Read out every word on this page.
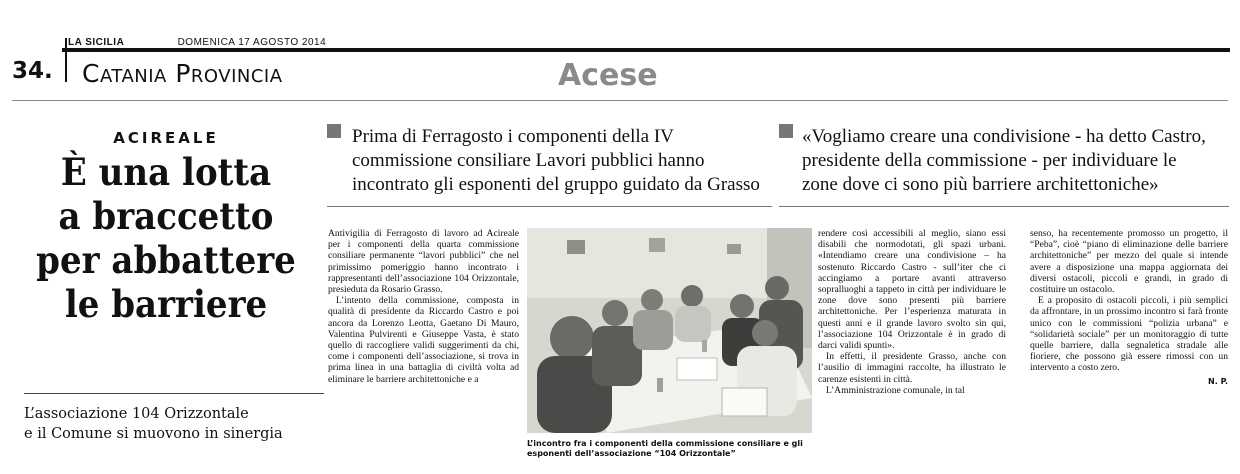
LA SICILIA	DOMENICA 17 AGOSTO 2014
34. Catania Provincia	Acese
ACIREALE
È una lotta
a braccetto
per abbattere
le barriere
L’associazione 104 Orizzontale
e il Comune si muovono in sinergia
Prima di Ferragosto i componenti della IV
commissione consiliare Lavori pubblici hanno
incontrato gli esponenti del gruppo guidato da Grasso
«Vogliamo creare una condivisione - ha detto Castro,
presidente della commissione - per individuare le
zone dove ci sono più barriere architettoniche»

Antivigilia di Ferragosto di lavoro ad Acireale per i componenti della quarta commissione consiliare permanente “lavori pubblici” che nel primissimo pomeriggio hanno incontrato i rappresentanti dell’associazione 104 Orizzontale, presieduta da Rosario Grasso.

L’intento della commissione, composta in qualità di presidente da Riccardo Castro e poi ancora da Lorenzo Leotta, Gaetano Di Mauro, Valentina Pulvirenti e Giuseppe Vasta, è stato quello di raccogliere validi suggerimenti da chi, come i componenti dell’associazione, si trova in prima linea in una battaglia di civiltà volta ad eliminare le barriere architettoniche e a

L’incontro fra i componenti della commissione consiliare e gli esponenti dell’associazione “104 Orizzontale”

rendere così accessibili al meglio, siano essi disabili che normodotati, gli spazi urbani. «Intendiamo creare una condivisione – ha sostenuto Riccardo Castro - sull’iter che ci accingiamo a portare avanti attraverso sopralluoghi a tappeto in città per individuare le zone dove sono presenti più barriere architettoniche. Per l’esperienza maturata in questi anni e il grande lavoro svolto sin qui, l’associazione 104 Orizzontale è in grado di darci validi spunti».

In effetti, il presidente Grasso, anche con l’ausilio di immagini raccolte, ha illustrato le carenze esistenti in città.

L’Amministrazione comunale, in tal

senso, ha recentemente promosso un progetto, il “Peba”, cioè “piano di eliminazione delle barriere architettoniche” per mezzo del quale si intende avere a disposizione una mappa aggiornata dei diversi ostacoli, piccoli e grandi, in grado di costituire un ostacolo.

E a proposito di ostacoli piccoli, i più semplici da affrontare, in un prossimo incontro si farà fronte unico con le commissioni “polizia urbana” e “solidarietà sociale” per un monitoraggio di tutte quelle barriere, dalla segnaletica stradale alle fioriere, che possono già essere rimossi con un intervento a costo zero.

N. P.
